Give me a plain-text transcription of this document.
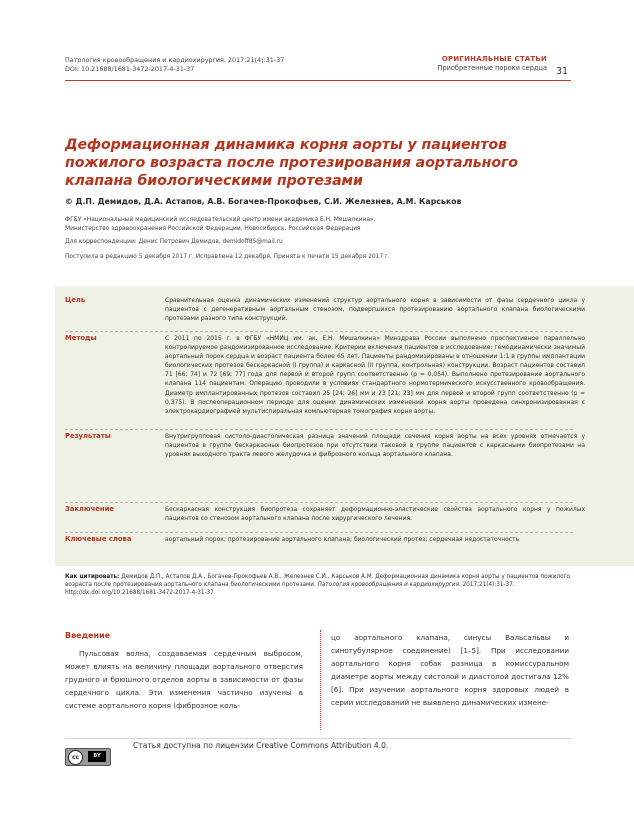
Патология кровообращения и кардиохирургия. 2017;21(4):31-37
DOI: 10.21688/1681-3472-2017-4-31-37
ОРИГИНАЛЬНЫЕ СТАТЬИ
Приобретенные пороки сердца 31
Деформационная динамика корня аорты у пациентов пожилого возраста после протезирования аортального клапана биологическими протезами
© Д.П. Демидов, Д.А. Астапов, А.В. Богачев-Прокофьев, С.И. Железнев, А.М. Карськов
ФГБУ «Национальный медицинский исследовательский центр имени академика Е.Н. Мешалкина»,
Министерство здравоохранения Российской Федерации, Новосибирск, Российская Федерация
Для корреспонденции: Денис Петрович Демидов, demidoff85@mail.ru
Поступила в редакцию 5 декабря 2017 г. Исправлена 12 декабря. Принята к печати 15 декабря 2017 г.
Цель	Сравнительная оценка динамических изменений структур аортального корня в зависимости от фазы сердечного цикла у пациентов с дегенеративным аортальным стенозом, подвергшихся протезированию аортального клапана биологическими протезами разного типа конструкций.
Методы	С 2011 по 2015 г. в ФГБУ «НМИЦ им. ак. Е.Н. Мешалкина» Минздрава России выполнено проспективное параллельно контролируемое рандомизированное исследование. Критерии включения пациентов в исследование: гемодинамически значимый аортальный порок сердца и возраст пациента более 65 лет. Пациенты рандомизированы в отношении 1:1 в группы имплантации биологических протезов бескаркасной (I группа) и каркасной (II группа, контрольная) конструкции. Возраст пациентов составил 71 [66; 74] и 72 [69; 77] года для первой и второй групп соответственно (p = 0,054). Выполнено протезирование аортального клапана 114 пациентам. Операцию проводили в условиях стандартного нормотермического искусственного кровообращения. Диаметр имплантированных протезов составил 25 [24; 26] мм и 23 [21; 23] мм для первой и второй групп соответственно (p = 0,375). В послеоперационном периоде для оценки динамических изменений корня аорты проведена синхронизированная с электрокардиографией мультиспиральная компьютерная томография корня аорты.
Результаты	Внутригрупповая систоло-диастолическая разница значений площади сечения корня аорты на всех уровнях отмечается у пациентов в группе бескаркасных биопротезов при отсутствии таковой в группе пациентов с каркасными биопротезами на уровнях выходного тракта левого желудочка и фиброзного кольца аортального клапана.
Заключение	Бескаркасная конструкция биопротеза сохраняет деформационно-эластические свойства аортального корня у пожилых пациентов со стенозом аортального клапана после хирургического лечения.
Ключевые слова	аортальный порок; протезирование аортального клапана; биологический протез; сердечная недостаточность
Как цитировать: Демидов Д.П., Астапов Д.А., Богачев-Прокофьев А.В., Железнев С.И., Карськов А.М. Деформационная динамика корня аорты у пациентов пожилого возраста после протезирования аортального клапана биологическими протезами. Патология кровообращения и кардиохирургия. 2017;21(4):31-37. http://dx.doi.org/10.21688/1681-3472-2017-4-31-37
Введение
Пульсовая волна, создаваемая сердечным выбросом, может влиять на величину площади аортального отверстия грудного и брюшного отделов аорты в зависимости от фазы сердечного цикла. Эти изменения частично изучены в системе аортального корня (фиброзное коль-
цо аортального клапана, синусы Вальсальвы и синотубулярное соединение) [1–5]. При исследовании аортального корня собак разница в комиссуральном диаметре аорты между систолой и диастолой достигала 12% [6]. При изучении аортального корня здоровых людей в серии исследований не выявлено динамических измене-
cc	BY
Статья доступна по лицензии Creative Commons Attribution 4.0.
